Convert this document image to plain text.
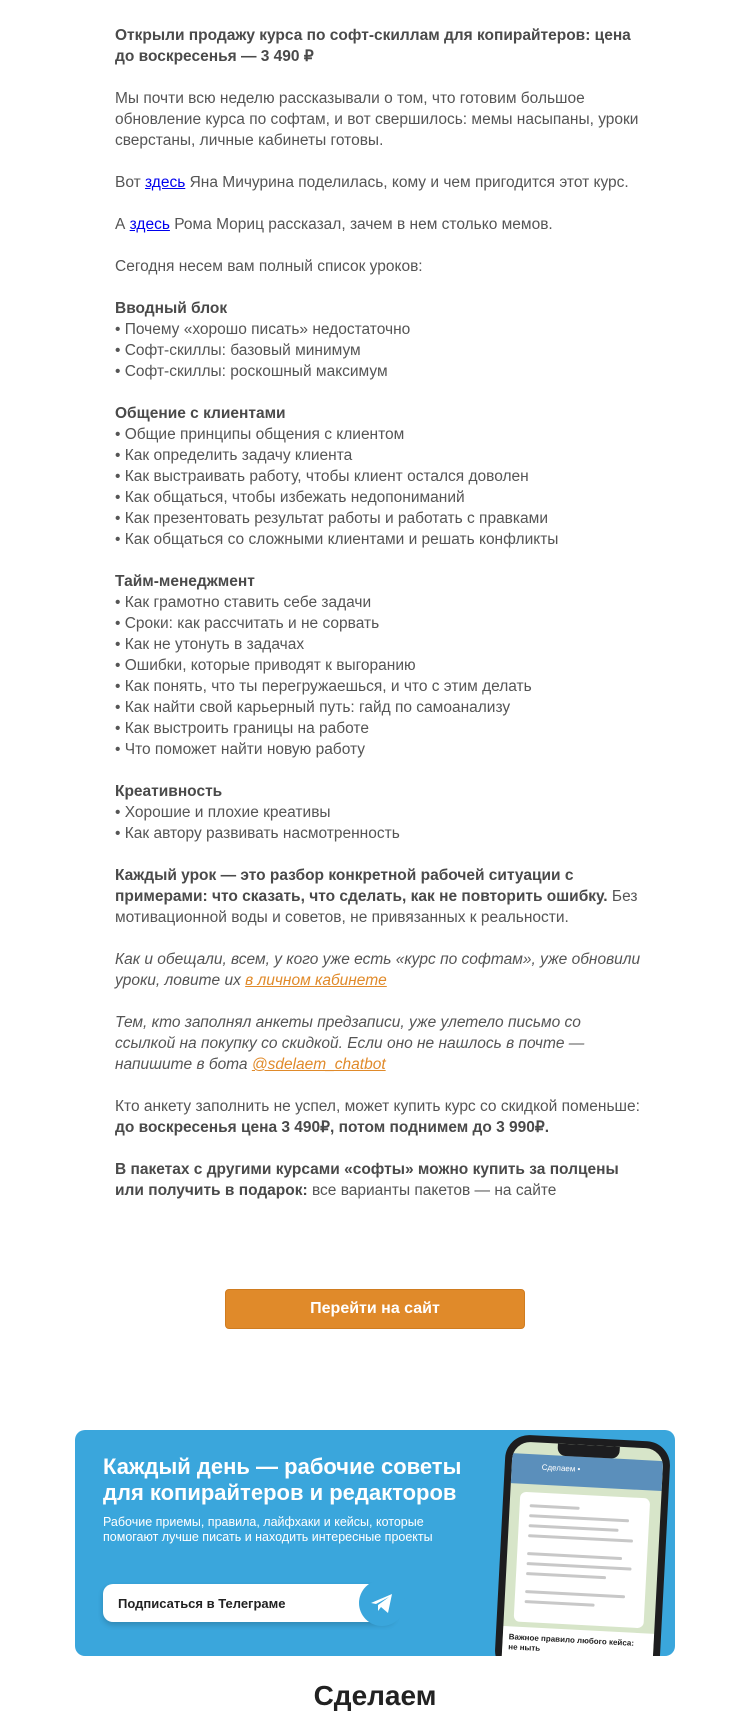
Открыли продажу курса по софт-скиллам для копирайтеров: цена до воскресенья — 3 490 ₽

Мы почти всю неделю рассказывали о том, что готовим большое обновление курса по софтам, и вот свершилось: мемы насыпаны, уроки сверстаны, личные кабинеты готовы.

Вот здесь Яна Мичурина поделилась, кому и чем пригодится этот курс.

А здесь Рома Мориц рассказал, зачем в нем столько мемов.

Сегодня несем вам полный список уроков:

Вводный блок
• Почему «хорошо писать» недостаточно
• Софт-скиллы: базовый минимум
• Софт-скиллы: роскошный максимум

Общение с клиентами
• Общие принципы общения с клиентом
• Как определить задачу клиента
• Как выстраивать работу, чтобы клиент остался доволен
• Как общаться, чтобы избежать недопониманий
• Как презентовать результат работы и работать с правками
• Как общаться со сложными клиентами и решать конфликты

Тайм-менеджмент
• Как грамотно ставить себе задачи
• Сроки: как рассчитать и не сорвать
• Как не утонуть в задачах
• Ошибки, которые приводят к выгоранию
• Как понять, что ты перегружаешься, и что с этим делать
• Как найти свой карьерный путь: гайд по самоанализу
• Как выстроить границы на работе
• Что поможет найти новую работу

Креативность
• Хорошие и плохие креативы
• Как автору развивать насмотренность

Каждый урок — это разбор конкретной рабочей ситуации с примерами: что сказать, что сделать, как не повторить ошибку. Без мотивационной воды и советов, не привязанных к реальности.

Как и обещали, всем, у кого уже есть «курс по софтам», уже обновили уроки, ловите их в личном кабинете

Тем, кто заполнял анкеты предзаписи, уже улетело письмо со ссылкой на покупку со скидкой. Если оно не нашлось в почте — напишите в бота @sdelaem_chatbot

Кто анкету заполнить не успел, может купить курс со скидкой поменьше: до воскресенья цена 3 490₽, потом поднимем до 3 990₽.

В пакетах с другими курсами «софты» можно купить за полцены или получить в подарок: все варианты пакетов — на сайте

Перейти на сайт
Каждый день — рабочие советы для копирайтеров и редакторов
Рабочие приемы, правила, лайфхаки и кейсы, которые помогают лучше писать и находить интересные проекты
Подписаться в Телеграме
Сделаем •
Важное правило любого кейса: не ныть
Сделаем
